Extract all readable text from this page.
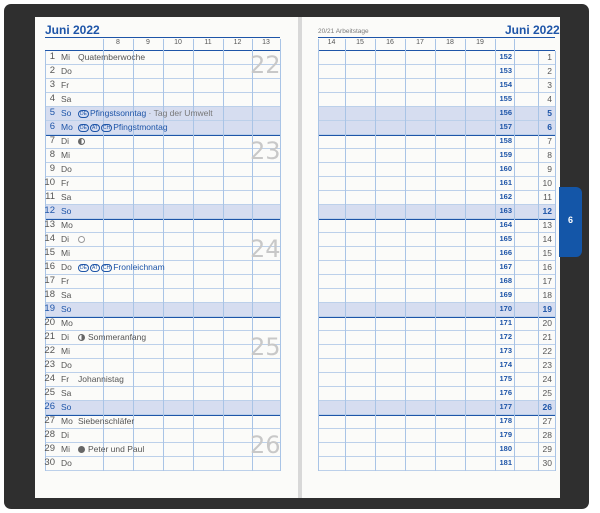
Juni 2022	Juni 2022
20/21 Arbeitstage
6
8	9	10	11	12	13	14	15	16	17	18	19
1 Mi Quatemberwoche	152	1
2 Do	153	2
3 Fr	154	3
4 Sa	155	4
5 So	DE Pfingstsonntag · Tag der Umwelt	156	5
6 Mo	DE AT CH Pfingstmontag	157	6
7 Di	158	7
8 Mi	159	8
9 Do	160	9
10 Fr	161	10
11 Sa	162	11
12 So	163	12
13 Mo	164	13
14 Di	165	14
15 Mi	166	15
16 Do	DE AT CH Fronleichnam	167	16
17 Fr	168	17
18 Sa	169	18
19 So	170	19
20 Mo	171	20
21 Di	Sommeranfang	172	21
22 Mi	173	22
23 Do	174	23
24 Fr Johannistag	175	24
25 Sa	176	25
26 So	177	26
27 Mo Siebenschläfer	178	27
28 Di	179	28
29 Mi	Peter und Paul	180	29
30 Do	181	30
22
23
24
25
26
